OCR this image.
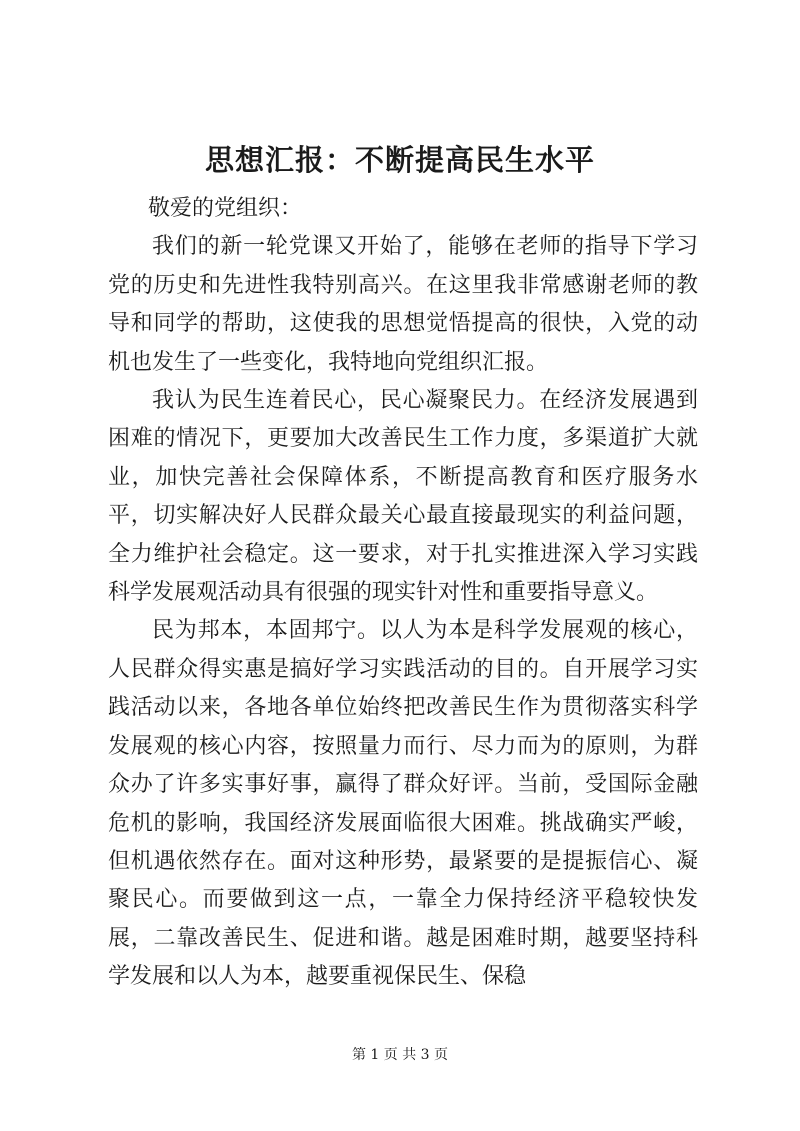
思想汇报：不断提高民生水平

敬爱的党组织：

我们的新一轮党课又开始了，能够在老师的指导下学习党的历史和先进性我特别高兴。在这里我非常感谢老师的教导和同学的帮助，这使我的思想觉悟提高的很快，入党的动机也发生了一些变化，我特地向党组织汇报。

我认为民生连着民心，民心凝聚民力。在经济发展遇到困难的情况下，更要加大改善民生工作力度，多渠道扩大就业，加快完善社会保障体系，不断提高教育和医疗服务水平，切实解决好人民群众最关心最直接最现实的利益问题，全力维护社会稳定。这一要求，对于扎实推进深入学习实践科学发展观活动具有很强的现实针对性和重要指导意义。

民为邦本，本固邦宁。以人为本是科学发展观的核心，人民群众得实惠是搞好学习实践活动的目的。自开展学习实践活动以来，各地各单位始终把改善民生作为贯彻落实科学发展观的核心内容，按照量力而行、尽力而为的原则，为群众办了许多实事好事，赢得了群众好评。当前，受国际金融危机的影响，我国经济发展面临很大困难。挑战确实严峻，但机遇依然存在。面对这种形势，最紧要的是提振信心、凝聚民心。而要做到这一点，一靠全力保持经济平稳较快发展，二靠改善民生、促进和谐。越是困难时期，越要坚持科学发展和以人为本，越要重视保民生、保稳

第 1 页 共 3 页
